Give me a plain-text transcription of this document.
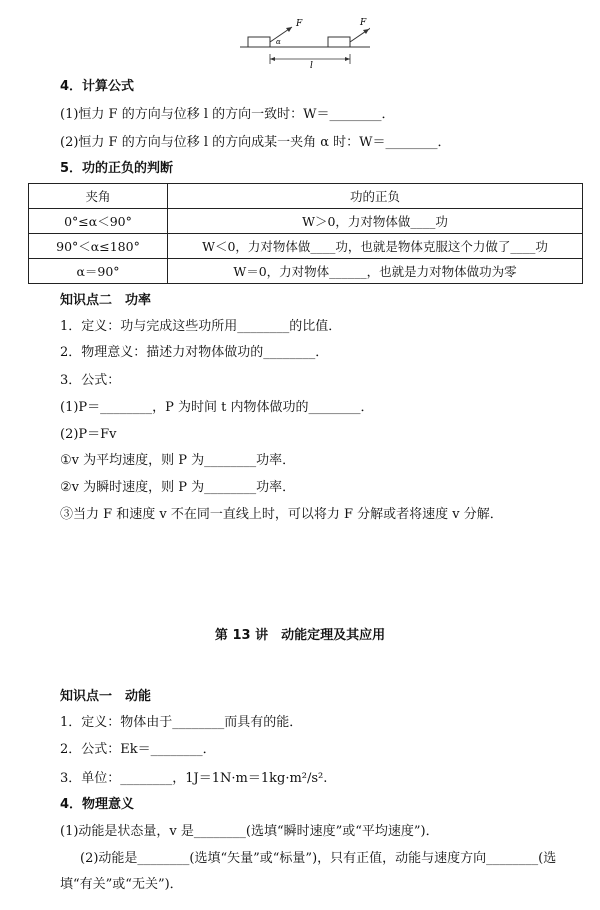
F	F
α
l
4．计算公式
(1)恒力 F 的方向与位移 l 的方向一致时：W＝________．
(2)恒力 F 的方向与位移 l 的方向成某一夹角 α 时：W＝________．
5．功的正负的判断
夹角	功的正负
0°≤α＜90°	W＞0，力对物体做____功
90°＜α≤180°	W＜0，力对物体做____功，也就是物体克服这个力做了____功
α＝90°	W＝0，力对物体______，也就是力对物体做功为零
知识点二　功率
1．定义：功与完成这些功所用________的比值．
2．物理意义：描述力对物体做功的________．
3．公式：
(1)P＝________，P 为时间 t 内物体做功的________．
(2)P＝Fv
①v 为平均速度，则 P 为________功率．
②v 为瞬时速度，则 P 为________功率．
③当力 F 和速度 v 不在同一直线上时，可以将力 F 分解或者将速度 v 分解．
第 13 讲　动能定理及其应用
知识点一　动能
1．定义：物体由于________而具有的能．
2．公式：Ek＝________．
3．单位：________，1J＝1N·m＝1kg·m²/s².
4．物理意义
(1)动能是状态量，v 是________(选填“瞬时速度”或“平均速度”)．
(2)动能是________(选填“矢量”或“标量”)，只有正值，动能与速度方向________(选
填“有关”或“无关”)．
